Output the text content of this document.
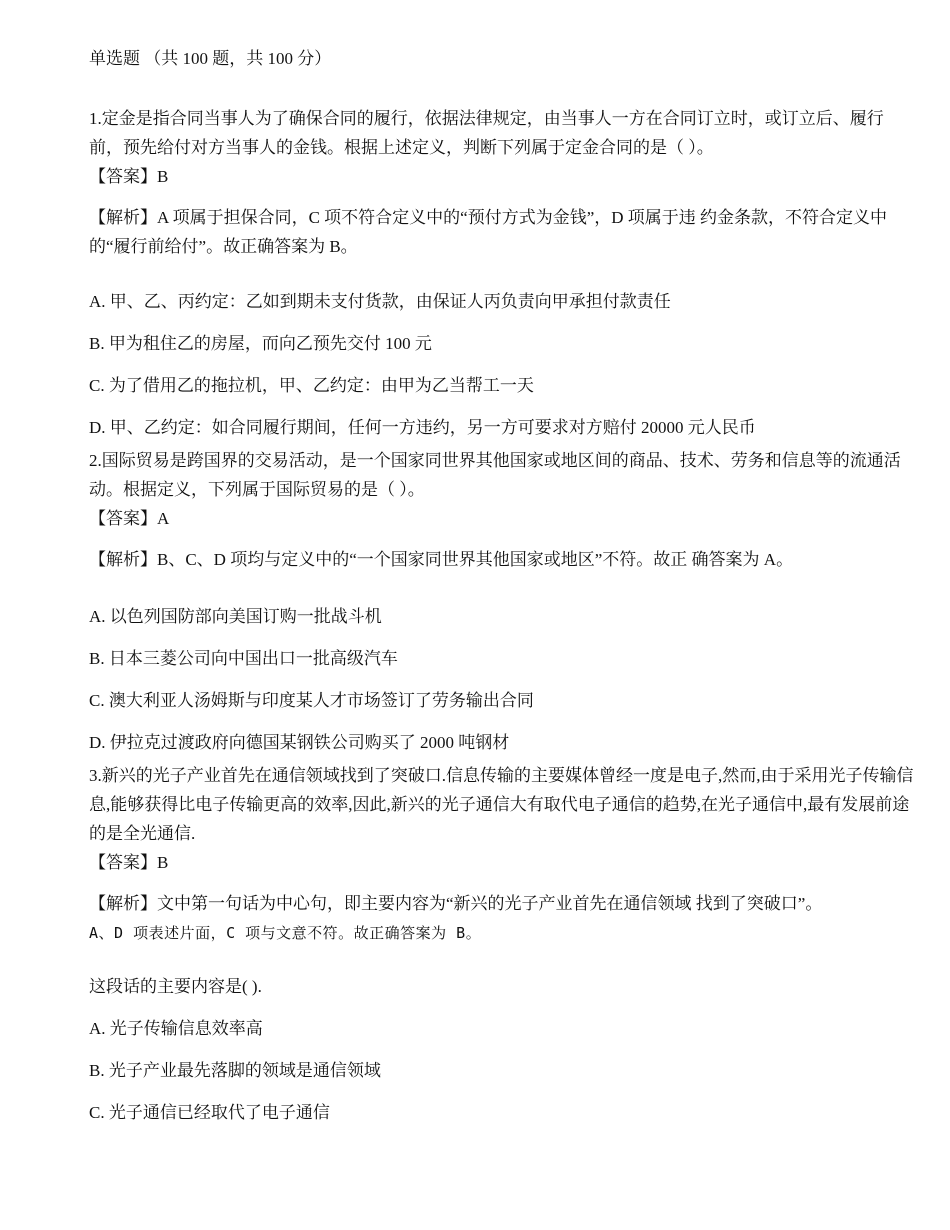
单选题 （共 100 题，共 100 分）

1.定金是指合同当事人为了确保合同的履行，依据法律规定，由当事人一方在合同订立时，或订立后、履行前，预先给付对方当事人的金钱。根据上述定义，判断下列属于定金合同的是（ ）。

【答案】B

【解析】A 项属于担保合同，C 项不符合定义中的“预付方式为金钱”，D 项属于违 约金条款，不符合定义中的“履行前给付”。故正确答案为 B。

A. 甲、乙、丙约定：乙如到期未支付货款，由保证人丙负责向甲承担付款责任

B. 甲为租住乙的房屋，而向乙预先交付 100 元

C. 为了借用乙的拖拉机，甲、乙约定：由甲为乙当帮工一天

D. 甲、乙约定：如合同履行期间，任何一方违约，另一方可要求对方赔付 20000 元人民币

2.国际贸易是跨国界的交易活动，是一个国家同世界其他国家或地区间的商品、技术、劳务和信息等的流通活动。根据定义，下列属于国际贸易的是（ ）。

【答案】A

【解析】B、C、D 项均与定义中的“一个国家同世界其他国家或地区”不符。故正 确答案为 A。

A. 以色列国防部向美国订购一批战斗机

B. 日本三菱公司向中国出口一批高级汽车

C. 澳大利亚人汤姆斯与印度某人才市场签订了劳务输出合同

D. 伊拉克过渡政府向德国某钢铁公司购买了 2000 吨钢材

3.新兴的光子产业首先在通信领域找到了突破口.信息传输的主要媒体曾经一度是电子,然而,由于采用光子传输信息,能够获得比电子传输更高的效率,因此,新兴的光子通信大有取代电子通信的趋势,在光子通信中,最有发展前途的是全光通信.

【答案】B

【解析】文中第一句话为中心句，即主要内容为“新兴的光子产业首先在通信领域 找到了突破口”。
A、D 项表述片面，C 项与文意不符。故正确答案为 B。

这段话的主要内容是( ).

A. 光子传输信息效率高

B. 光子产业最先落脚的领域是通信领域

C. 光子通信已经取代了电子通信
